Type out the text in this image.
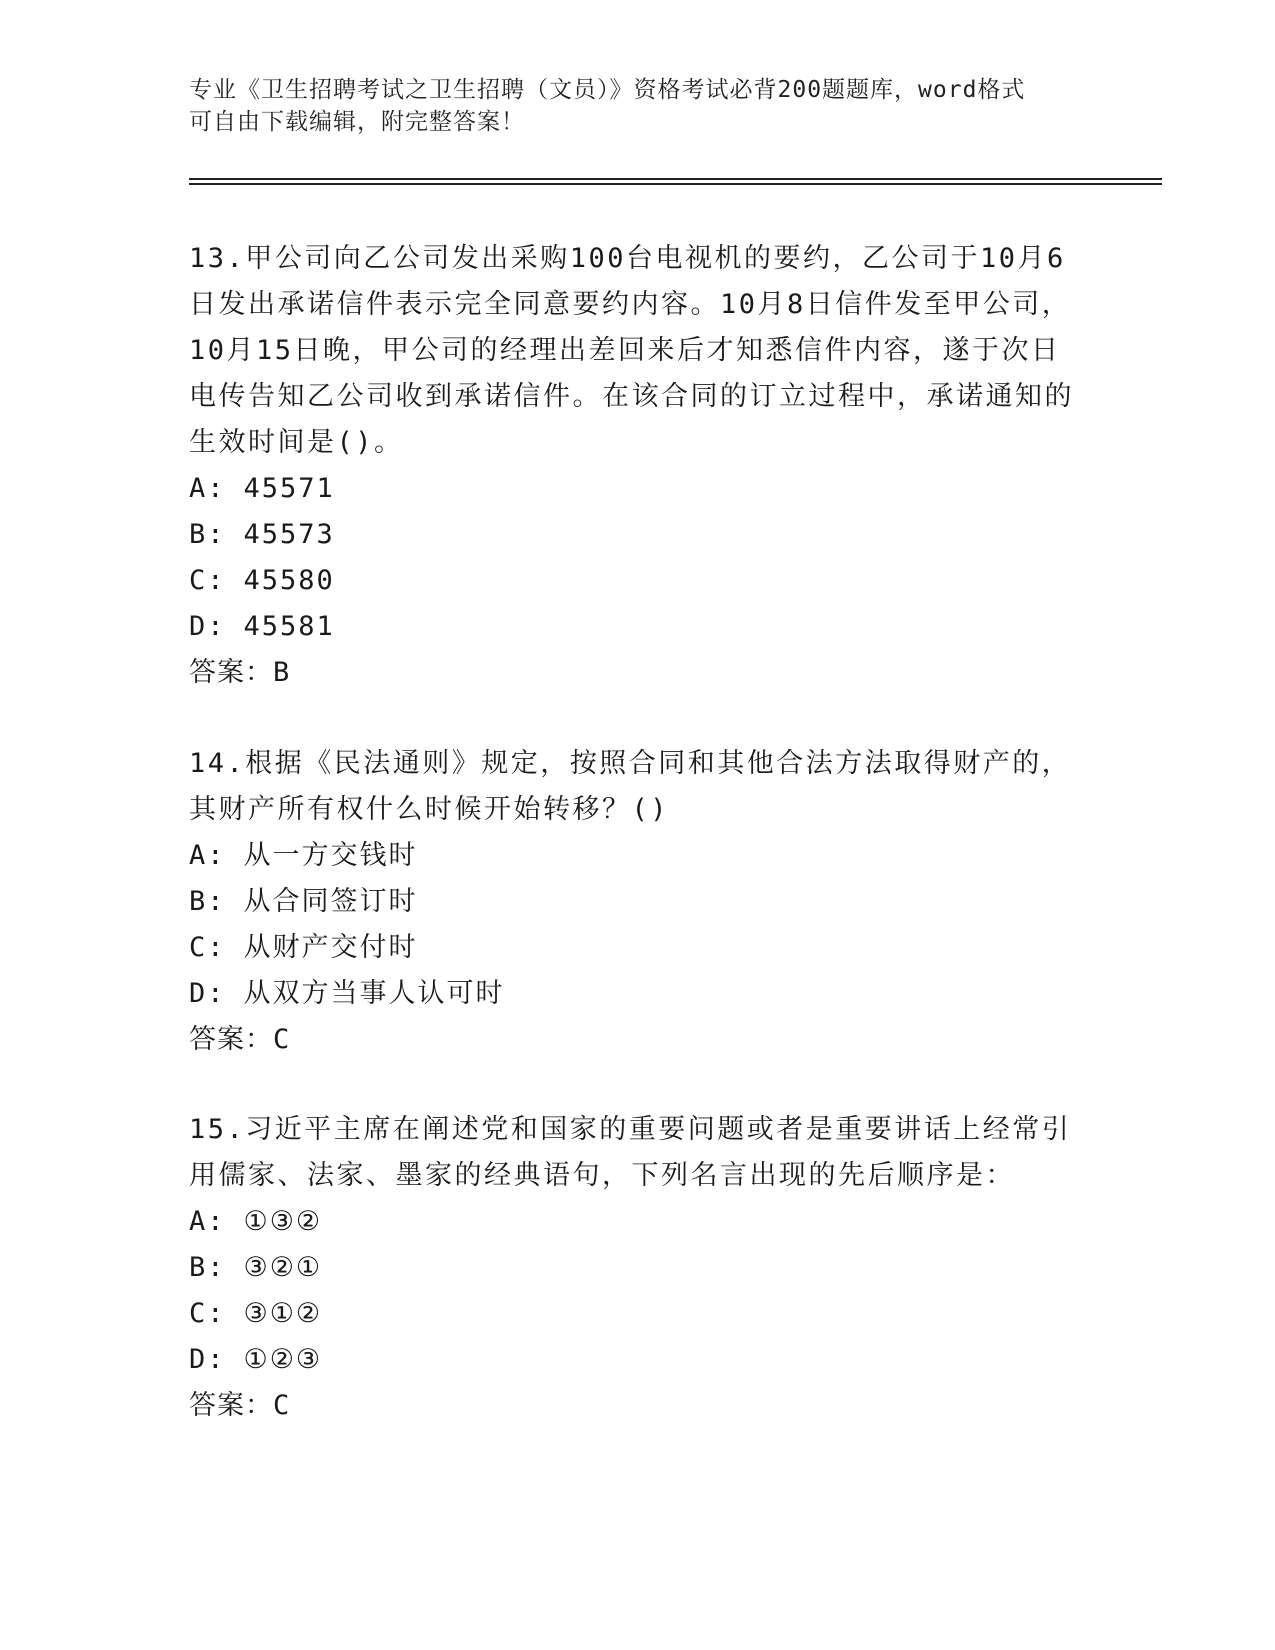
专业《卫生招聘考试之卫生招聘（文员）》资格考试必背200题题库，word格式
可自由下载编辑，附完整答案！

13.甲公司向乙公司发出采购100台电视机的要约，乙公司于10月6日发出承诺信件表示完全同意要约内容。10月8日信件发至甲公司，10月15日晚，甲公司的经理出差回来后才知悉信件内容，遂于次日电传告知乙公司收到承诺信件。在该合同的订立过程中，承诺通知的生效时间是()。

A: 45571
B: 45573
C: 45580
D: 45581
答案：B

14.根据《民法通则》规定，按照合同和其他合法方法取得财产的，其财产所有权什么时候开始转移？()

A: 从一方交钱时
B: 从合同签订时
C: 从财产交付时
D: 从双方当事人认可时
答案：C

15.习近平主席在阐述党和国家的重要问题或者是重要讲话上经常引用儒家、法家、墨家的经典语句，下列名言出现的先后顺序是：

A: ①③②
B: ③②①
C: ③①②
D: ①②③
答案：C
